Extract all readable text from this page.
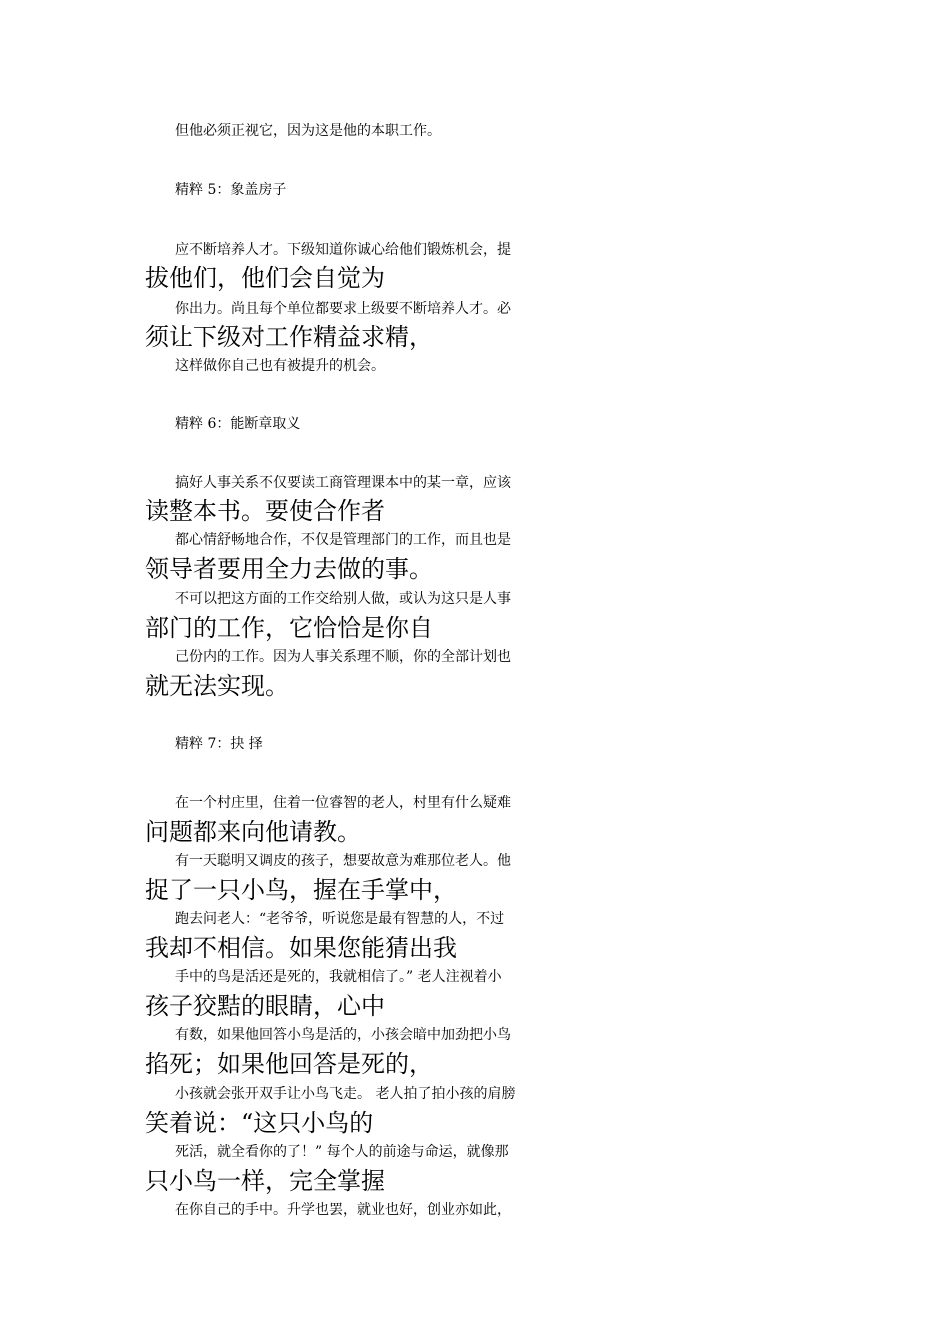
但他必须正视它，因为这是他的本职工作。
精粹 5：象盖房子
应不断培养人才。下级知道你诚心给他们锻炼机会，提
拔他们，他们会自觉为
你出力。尚且每个单位都要求上级要不断培养人才。必
须让下级对工作精益求精，
这样做你自己也有被提升的机会。
精粹 6：能断章取义
搞好人事关系不仅要读工商管理课本中的某一章，应该
读整本书。要使合作者
都心情舒畅地合作，不仅是管理部门的工作，而且也是
领导者要用全力去做的事。
不可以把这方面的工作交给别人做，或认为这只是人事
部门的工作，它恰恰是你自
己份内的工作。因为人事关系理不顺，你的全部计划也
就无法实现。
精粹 7：抉 择
在一个村庄里，住着一位睿智的老人，村里有什么疑难
问题都来向他请教。
有一天聪明又调皮的孩子，想要故意为难那位老人。他
捉了一只小鸟，握在手掌中，
跑去问老人：“老爷爷，听说您是最有智慧的人，不过
我却不相信。如果您能猜出我
手中的鸟是活还是死的，我就相信了。” 老人注视着小
孩子狡黠的眼睛，心中
有数，如果他回答小鸟是活的，小孩会暗中加劲把小鸟
掐死；如果他回答是死的，
小孩就会张开双手让小鸟飞走。 老人拍了拍小孩的肩膀
笑着说：“这只小鸟的
死活，就全看你的了！” 每个人的前途与命运，就像那
只小鸟一样，完全掌握
在你自己的手中。升学也罢，就业也好，创业亦如此，
